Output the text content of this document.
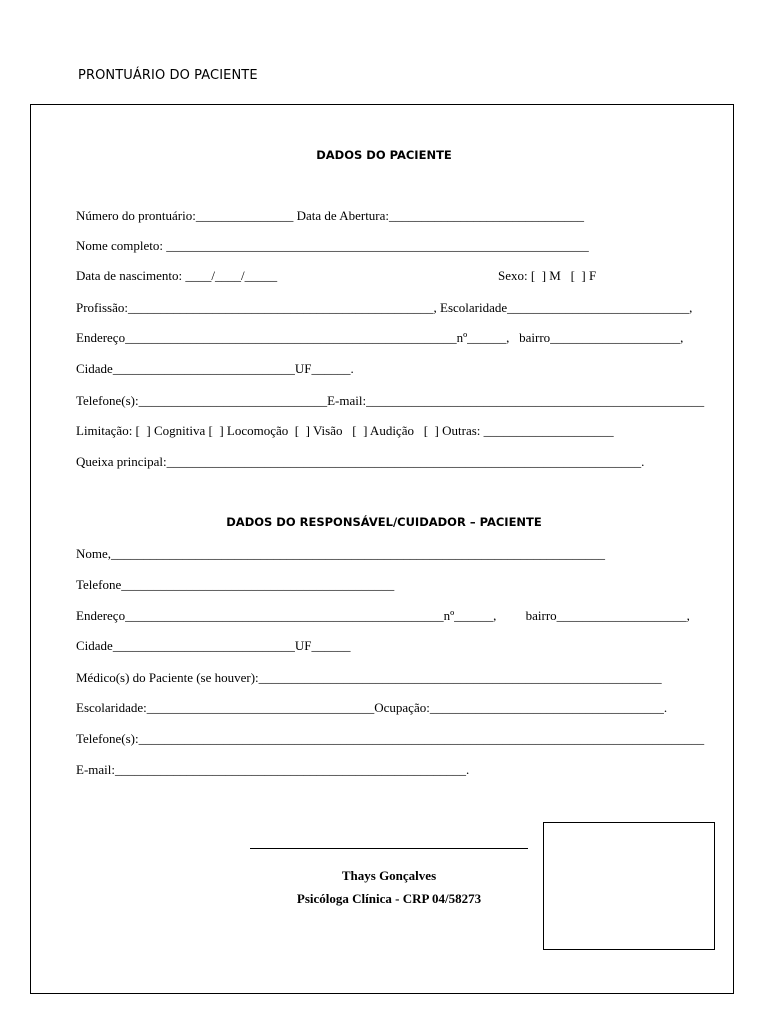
PRONTUÁRIO DO PACIENTE
DADOS DO PACIENTE
Número do prontuário:_______________ Data de Abertura:______________________________
Nome completo: _________________________________________________________________
Data de nascimento: ____/____/_____	Sexo: [  ] M   [  ] F
Profissão:_______________________________________________, Escolaridade____________________________,
Endereço___________________________________________________nº______,   bairro____________________,
Cidade____________________________UF______.
Telefone(s):_____________________________E-mail:____________________________________________________
Limitação: [  ] Cognitiva [  ] Locomoção  [  ] Visão   [  ] Audição   [  ] Outras: ____________________
Queixa principal:_________________________________________________________________________.
DADOS DO RESPONSÁVEL/CUIDADOR – PACIENTE
Nome,____________________________________________________________________________
Telefone__________________________________________
Endereço_________________________________________________nº______,         bairro____________________,
Cidade____________________________UF______
Médico(s) do Paciente (se houver):______________________________________________________________
Escolaridade:___________________________________Ocupação:____________________________________.
Telefone(s):_______________________________________________________________________________________
E-mail:______________________________________________________.
Thays Gonçalves
Psicóloga Clínica - CRP 04/58273
